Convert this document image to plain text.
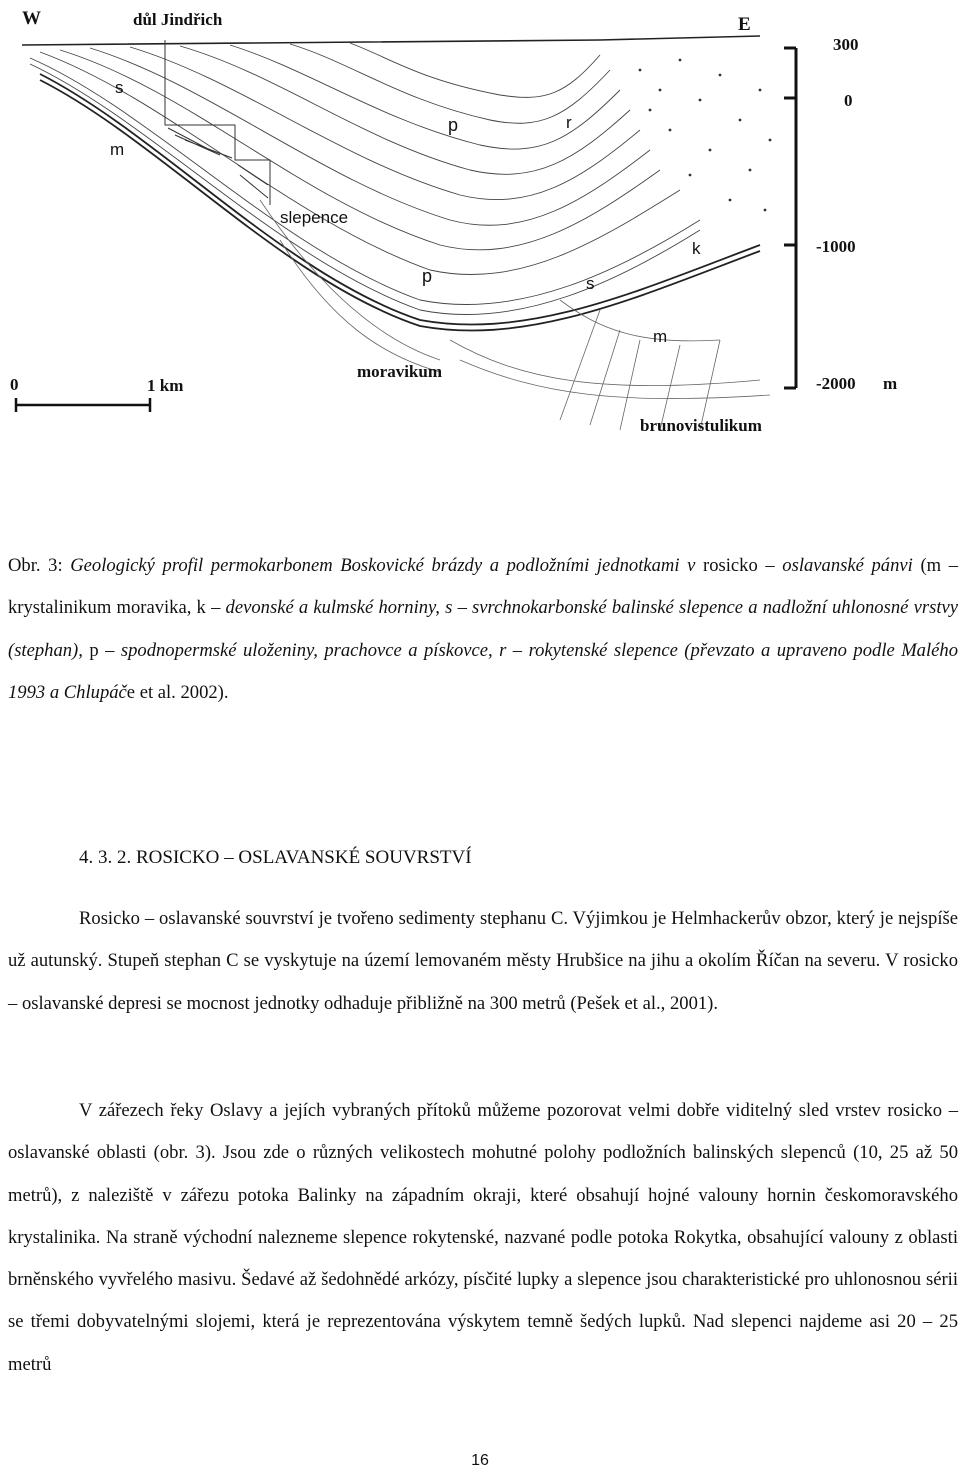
W	důl Jindřich	E
s
m
p	r
slepence
p	s
k
m
moravikum
brunovistulikum
0	1 km
300
0
-1000
-2000 m
Obr. 3: Geologický profil permokarbonem Boskovické brázdy a podložními jednotkami v rosicko – oslavanské pánvi (m – krystalinikum moravika, k – devonské a kulmské horniny, s – svrchnokarbonské balinské slepence a nadložní uhlonosné vrstvy (stephan), p – spodnopermské uloženiny, prachovce a pískovce, r – rokytenské slepence (převzato a upraveno podle Malého 1993 a Chlupáče et al. 2002).
4. 3. 2. ROSICKO – OSLAVANSKÉ SOUVRSTVÍ
Rosicko – oslavanské souvrství je tvořeno sedimenty stephanu C. Výjimkou je Helmhackerův obzor, který je nejspíše už autunský. Stupeň stephan C se vyskytuje na území lemovaném městy Hrubšice na jihu a okolím Říčan na severu. V rosicko – oslavanské depresi se mocnost jednotky odhaduje přibližně na 300 metrů (Pešek et al., 2001).
V zářezech řeky Oslavy a jejích vybraných přítoků můžeme pozorovat velmi dobře viditelný sled vrstev rosicko – oslavanské oblasti (obr. 3). Jsou zde o různých velikostech mohutné polohy podložních balinských slepenců (10, 25 až 50 metrů), z naleziště v zářezu potoka Balinky na západním okraji, které obsahují hojné valouny hornin českomoravského krystalinika. Na straně východní nalezneme slepence rokytenské, nazvané podle potoka Rokytka, obsahující valouny z oblasti brněnského vyvřelého masivu. Šedavé až šedohnědé arkózy, písčité lupky a slepence jsou charakteristické pro uhlonosnou sérii se třemi dobyvatelnými slojemi, která je reprezentována výskytem temně šedých lupků. Nad slepenci najdeme asi 20 – 25 metrů
16
